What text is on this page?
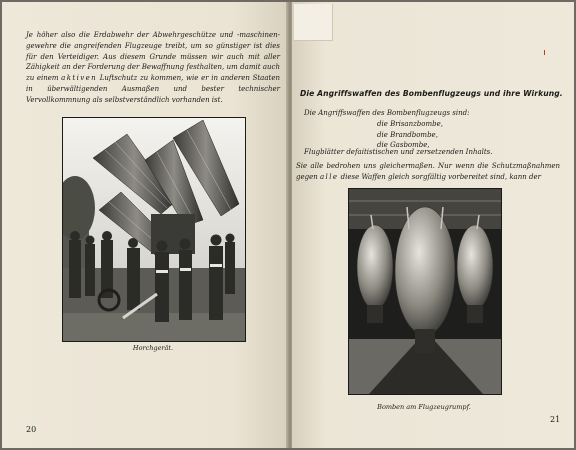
Je höher also die Erdabwehr der Abwehrgeschütze und -maschinen-gewehre die angreifenden Flugzeuge treibt, um so günstiger ist dies für den Verteidiger. Aus diesem Grunde müssen wir auch mit aller Zähigkeit an der Forderung der Bewaffnung festhalten, um damit auch zu einem aktiven Luftschutz zu kommen, wie er in anderen Staaten in überwältigenden Ausmaßen und bester technischer Vervollkommnung als selbstverständlich vorhanden ist.
Horchgerät.
20
Die Angriffswaffen des Bombenflugzeugs und ihre Wirkung.
Die Angriffswaffen des Bombenflugzeugs sind:
die Brisanzbombe,
die Brandbombe,
die Gasbombe,
Flugblätter defaitistischen und zersetzenden Inhalts.
Sie alle bedrohen uns gleichermaßen. Nur wenn die Schutzmaßnahmen gegen alle diese Waffen gleich sorgfältig vorbereitet sind, kann der
Bomben am Flugzeugrumpf.
21
